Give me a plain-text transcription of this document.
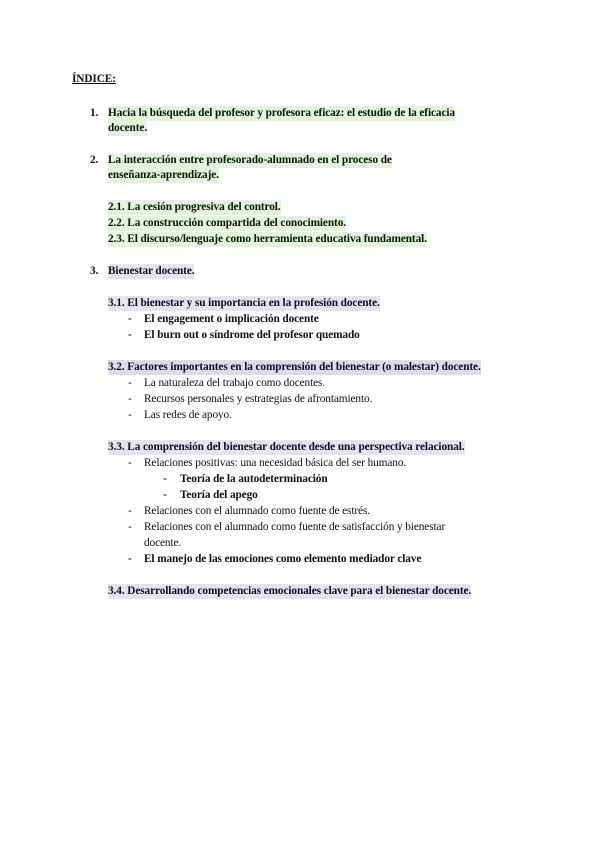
ÍNDICE:
1. Hacia la búsqueda del profesor y profesora eficaz: el estudio de la eficacia
docente.
2. La interacción entre profesorado-alumnado en el proceso de
enseñanza-aprendizaje.
2.1. La cesión progresiva del control.
2.2. La construcción compartida del conocimiento.
2.3. El discurso/lenguaje como herramienta educativa fundamental.
3. Bienestar docente.
3.1. El bienestar y su importancia en la profesión docente.
- El engagement o implicación docente
- El burn out o síndrome del profesor quemado
3.2. Factores importantes en la comprensión del bienestar (o malestar) docente.
- La naturaleza del trabajo como docentes.
- Recursos personales y estrategias de afrontamiento.
- Las redes de apoyo.
3.3. La comprensión del bienestar docente desde una perspectiva relacional.
- Relaciones positivas: una necesidad básica del ser humano.
- Teoría de la autodeterminación
- Teoría del apego
- Relaciones con el alumnado como fuente de estrés.
- Relaciones con el alumnado como fuente de satisfacción y bienestar
docente.
- El manejo de las emociones como elemento mediador clave
3.4. Desarrollando competencias emocionales clave para el bienestar docente.
